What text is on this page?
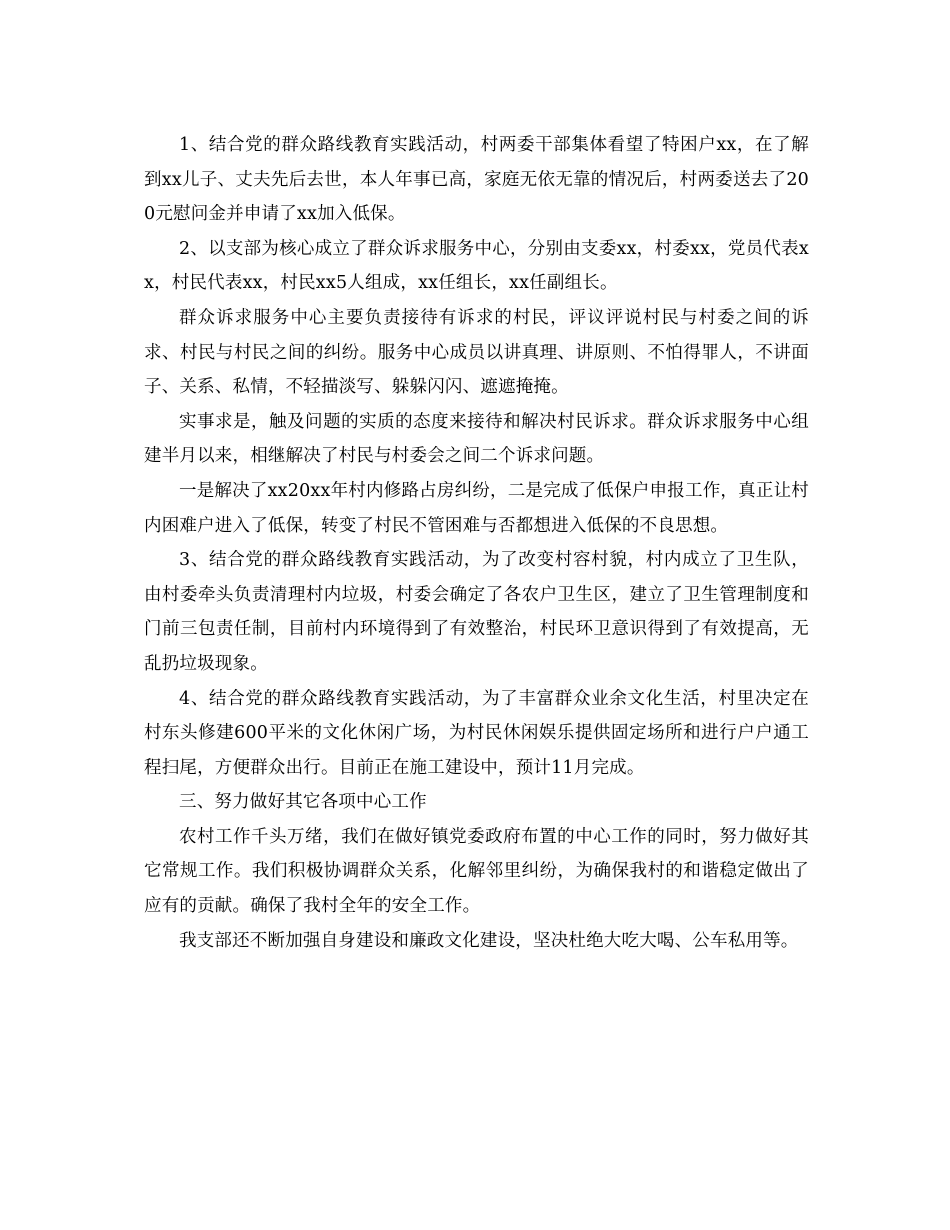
1、结合党的群众路线教育实践活动，村两委干部集体看望了特困户xx，在了解到xx儿子、丈夫先后去世，本人年事已高，家庭无依无靠的情况后，村两委送去了200元慰问金并申请了xx加入低保。

2、以支部为核心成立了群众诉求服务中心，分别由支委xx，村委xx，党员代表xx，村民代表xx，村民xx5人组成，xx任组长，xx任副组长。

群众诉求服务中心主要负责接待有诉求的村民，评议评说村民与村委之间的诉求、村民与村民之间的纠纷。服务中心成员以讲真理、讲原则、不怕得罪人，不讲面子、关系、私情，不轻描淡写、躲躲闪闪、遮遮掩掩。

实事求是，触及问题的实质的态度来接待和解决村民诉求。群众诉求服务中心组建半月以来，相继解决了村民与村委会之间二个诉求问题。

一是解决了xx20xx年村内修路占房纠纷，二是完成了低保户申报工作，真正让村内困难户进入了低保，转变了村民不管困难与否都想进入低保的不良思想。

3、结合党的群众路线教育实践活动，为了改变村容村貌，村内成立了卫生队，由村委牵头负责清理村内垃圾，村委会确定了各农户卫生区，建立了卫生管理制度和门前三包责任制，目前村内环境得到了有效整治，村民环卫意识得到了有效提高，无乱扔垃圾现象。

4、结合党的群众路线教育实践活动，为了丰富群众业余文化生活，村里决定在村东头修建600平米的文化休闲广场，为村民休闲娱乐提供固定场所和进行户户通工程扫尾，方便群众出行。目前正在施工建设中，预计11月完成。

三、努力做好其它各项中心工作

农村工作千头万绪，我们在做好镇党委政府布置的中心工作的同时，努力做好其它常规工作。我们积极协调群众关系，化解邻里纠纷，为确保我村的和谐稳定做出了应有的贡献。确保了我村全年的安全工作。

我支部还不断加强自身建设和廉政文化建设，坚决杜绝大吃大喝、公车私用等。
